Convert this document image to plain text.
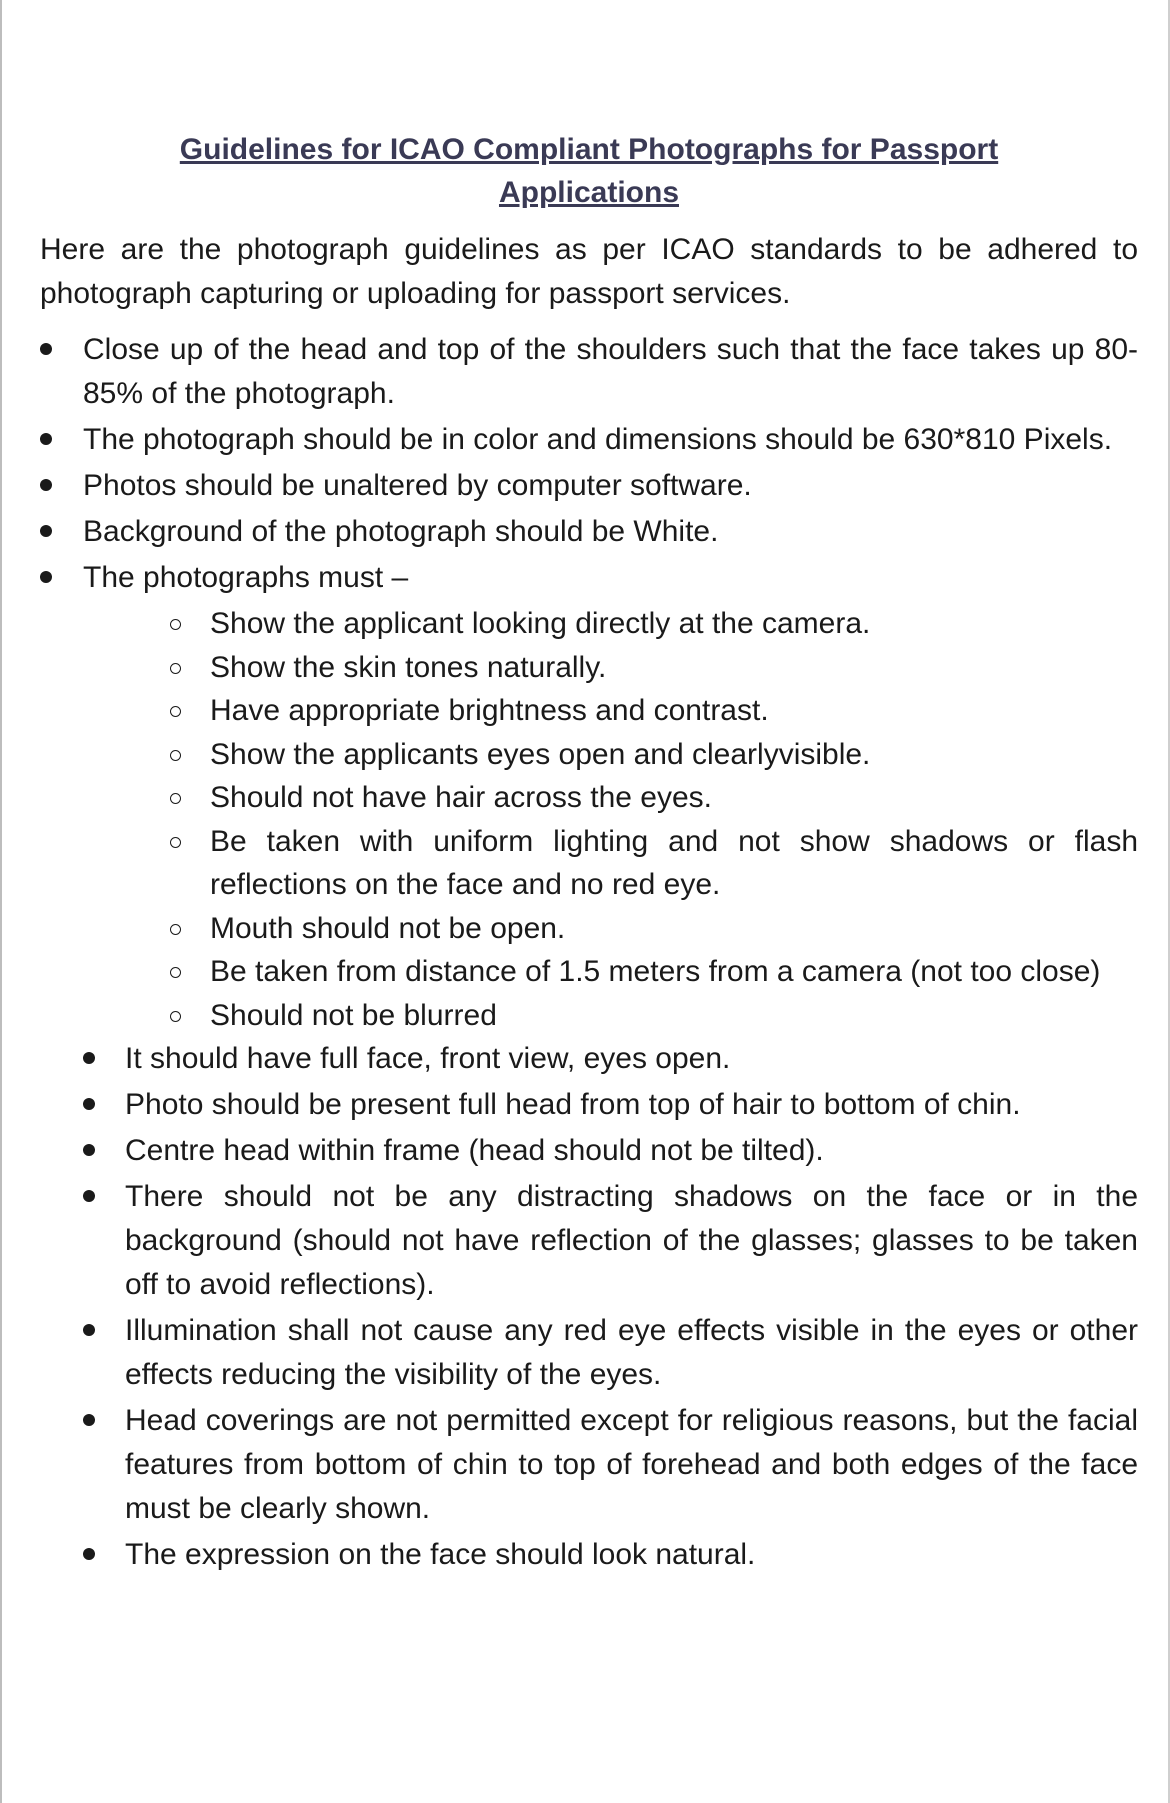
Guidelines for ICAO Compliant Photographs for Passport Applications
Here are the photograph guidelines as per ICAO standards to be adhered to photograph capturing or uploading for passport services.
Close up of the head and top of the shoulders such that the face takes up 80-85% of the photograph.
The photograph should be in color and dimensions should be 630*810 Pixels.
Photos should be unaltered by computer software.
Background of the photograph should be White.
The photographs must –
Show the applicant looking directly at the camera.
Show the skin tones naturally.
Have appropriate brightness and contrast.
Show the applicants eyes open and clearlyvisible.
Should not have hair across the eyes.
Be taken with uniform lighting and not show shadows or flash reflections on the face and no red eye.
Mouth should not be open.
Be taken from distance of 1.5 meters from a camera (not too close)
Should not be blurred
It should have full face, front view, eyes open.
Photo should be present full head from top of hair to bottom of chin.
Centre head within frame (head should not be tilted).
There should not be any distracting shadows on the face or in the background (should not have reflection of the glasses; glasses to be taken off to avoid reflections).
Illumination shall not cause any red eye effects visible in the eyes or other effects reducing the visibility of the eyes.
Head coverings are not permitted except for religious reasons, but the facial features from bottom of chin to top of forehead and both edges of the face must be clearly shown.
The expression on the face should look natural.
